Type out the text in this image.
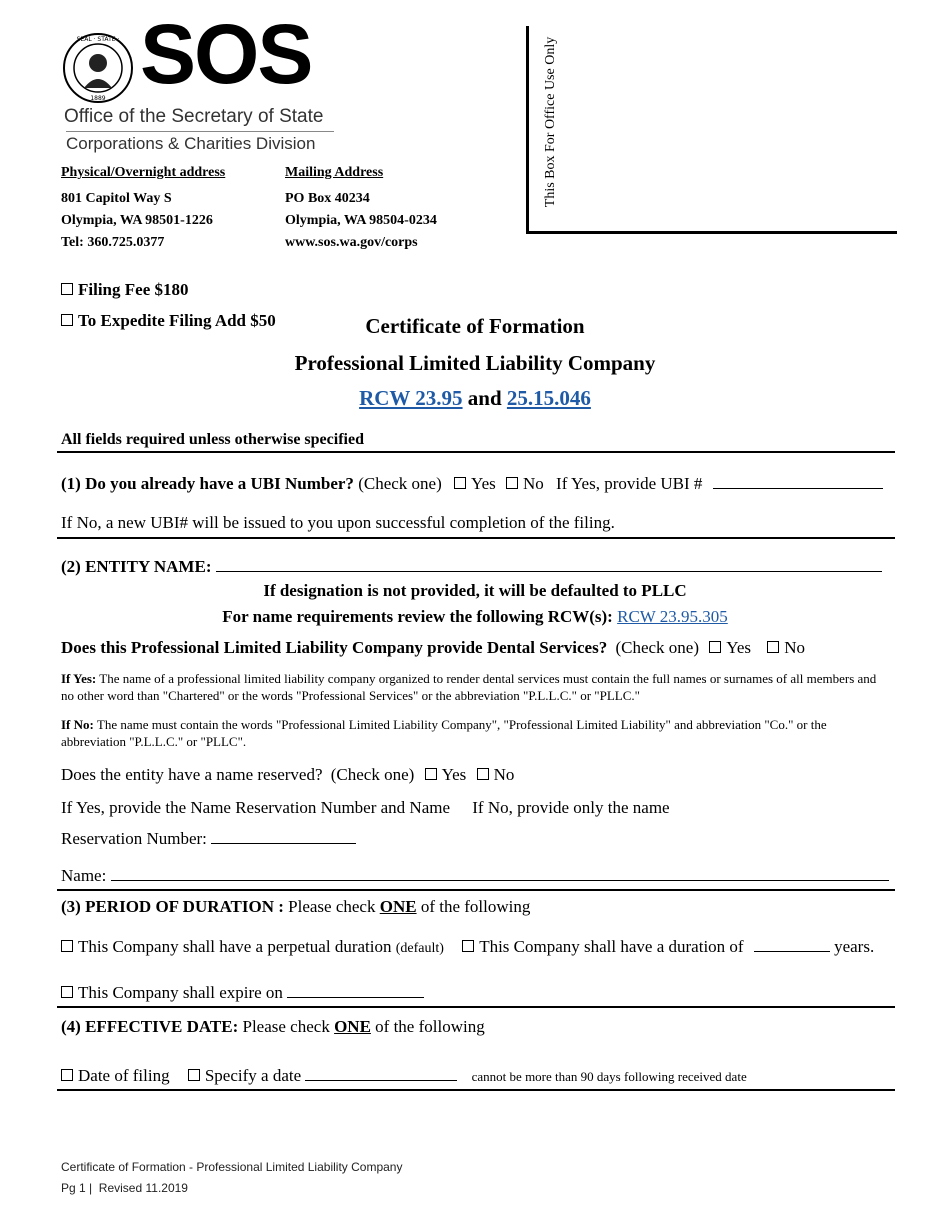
SEAL · STATE ·
1889 SOS
Office of the Secretary of State
Corporations & Charities Division
Physical/Overnight address
801 Capitol Way S
Olympia, WA 98501-1226
Tel: 360.725.0377
Mailing Address
PO Box 40234
Olympia, WA 98504-0234
www.sos.wa.gov/corps
This Box For Office Use Only
Filing Fee $180
To Expedite Filing Add $50	Certificate of Formation
Professional Limited Liability Company
RCW 23.95 and 25.15.046
All fields required unless otherwise specified
(1) Do you already have a UBI Number? (Check one) Yes No If Yes, provide UBI #
If No, a new UBI# will be issued to you upon successful completion of the filing.
(2) ENTITY NAME:
If designation is not provided, it will be defaulted to PLLC
For name requirements review the following RCW(s): RCW 23.95.305
Does this Professional Limited Liability Company provide Dental Services? (Check one) Yes No
If Yes: The name of a professional limited liability company organized to render dental services must contain the full names or surnames of all members and no other word than "Chartered" or the words "Professional Services" or the abbreviation "P.L.L.C." or "PLLC."
If No: The name must contain the words "Professional Limited Liability Company", "Professional Limited Liability" and abbreviation "Co." or the abbreviation "P.L.L.C." or "PLLC".
Does the entity have a name reserved? (Check one) Yes No
If Yes, provide the Name Reservation Number and Name If No, provide only the name
Reservation Number:
Name:
(3) PERIOD OF DURATION : Please check ONE of the following
This Company shall have a perpetual duration (default) This Company shall have a duration of	years.
This Company shall expire on
(4) EFFECTIVE DATE: Please check ONE of the following
Date of filing Specify a date	cannot be more than 90 days following received date
Certificate of Formation - Professional Limited Liability Company
Pg 1 |  Revised 11.2019
